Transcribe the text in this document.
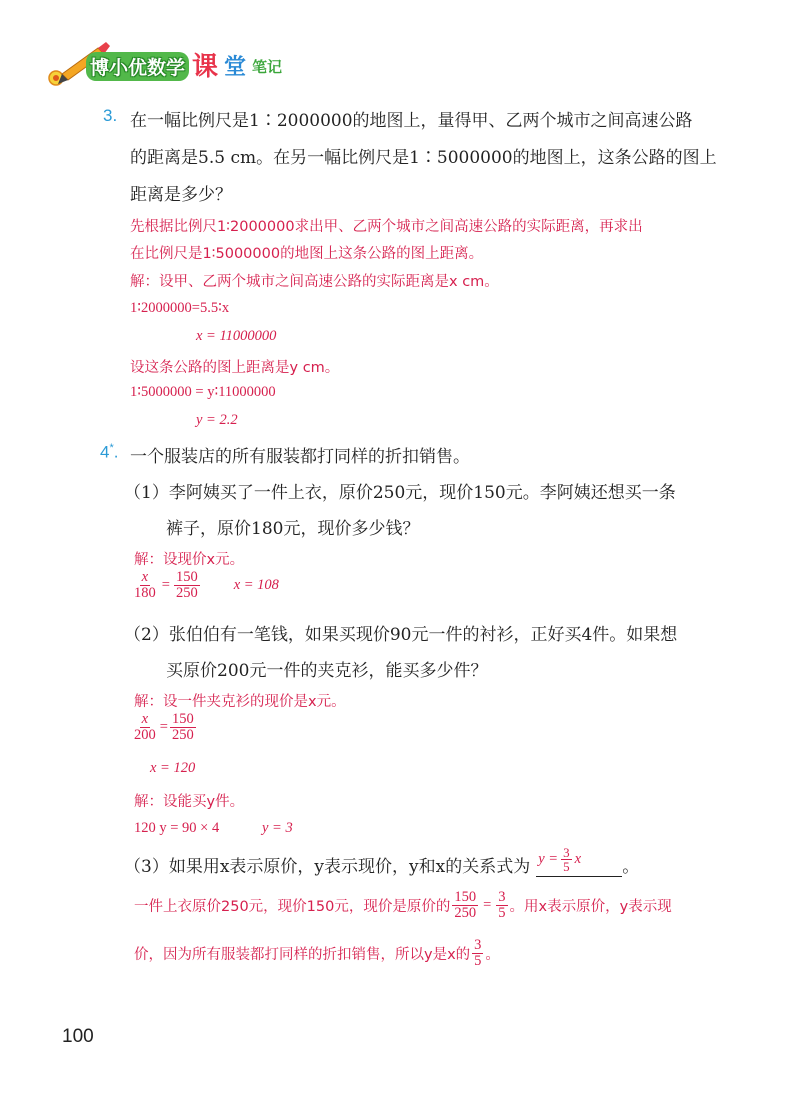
博小优数学 课 堂 笔记
3. 在一幅比例尺是1∶2000000的地图上，量得甲、乙两个城市之间高速公路
的距离是5.5 cm。在另一幅比例尺是1∶5000000的地图上，这条公路的图上
距离是多少？
先根据比例尺1∶2000000求出甲、乙两个城市之间高速公路的实际距离，再求出
在比例尺是1∶5000000的地图上这条公路的图上距离。
解：设甲、乙两个城市之间高速公路的实际距离是x cm。
1∶2000000=5.5∶x
x = 11000000
设这条公路的图上距离是y cm。
1∶5000000 = y∶11000000
y = 2.2
4*. 一个服装店的所有服装都打同样的折扣销售。
（1）李阿姨买了一件上衣，原价250元，现价150元。李阿姨还想买一条
裤子，原价180元，现价多少钱？
解：设现价x元。
$\frac{x}{180} = \frac{150}{250}$ x = 108
（2）张伯伯有一笔钱，如果买现价90元一件的衬衫，正好买4件。如果想
买原价200元一件的夹克衫，能买多少件？
解：设一件夹克衫的现价是x元。
$\frac{x}{200} = \frac{150}{250}$
x = 120
解：设能买y件。
120 y = 90 × 4	y = 3
（3）如果用x表示原价，y表示现价，y和x的关系式为 $y = \frac{3}{5}$ x 。
一件上衣原价250元，现价150元，现价是原价的 $\frac{150}{250} = \frac{3}{5}$ 。用x表示原价，y表示现
价，因为所有服装都打同样的折扣销售，所以y是x的 $\frac{3}{5}$ 。
100
